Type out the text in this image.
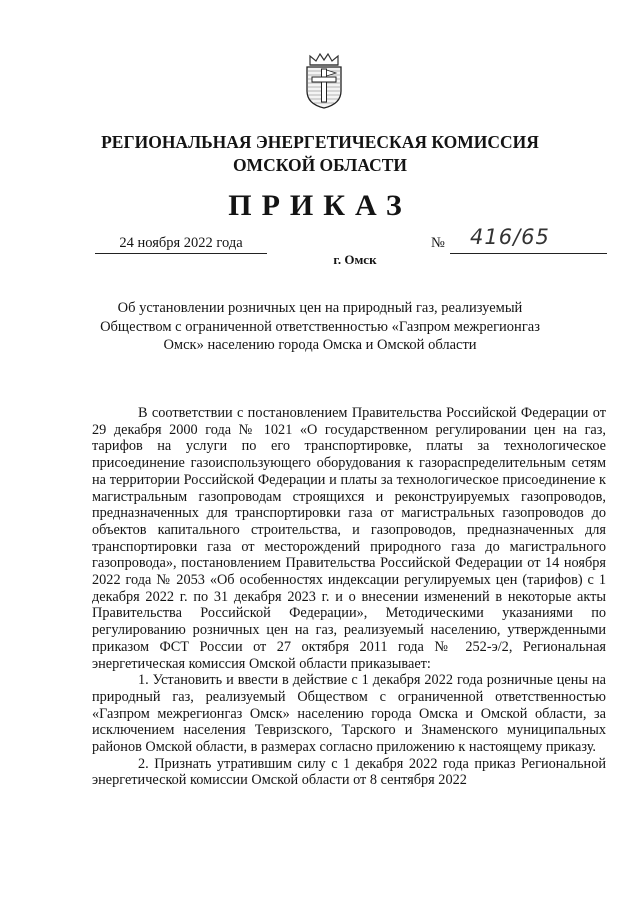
РЕГИОНАЛЬНАЯ ЭНЕРГЕТИЧЕСКАЯ КОМИССИЯ
ОМСКОЙ ОБЛАСТИ
ПРИКАЗ
24 ноября 2022 года	№ 416/65
г. Омск

Об установлении розничных цен на природный газ, реализуемый Обществом с ограниченной ответственностью «Газпром межрегионгаз Омск» населению города Омска и Омской области

В соответствии с постановлением Правительства Российской Федерации от 29 декабря 2000 года № 1021 «О государственном регулировании цен на газ, тарифов на услуги по его транспортировке, платы за технологическое присоединение газоиспользующего оборудования к газораспределительным сетям на территории Российской Федерации и платы за технологическое присоединение к магистральным газопроводам строящихся и реконструируемых газопроводов, предназначенных для транспортировки газа от магистральных газопроводов до объектов капитального строительства, и газопроводов, предназначенных для транспортировки газа от месторождений природного газа до магистрального газопровода», постановлением Правительства Российской Федерации от 14 ноября 2022 года № 2053 «Об особенностях индексации регулируемых цен (тарифов) с 1 декабря 2022 г. по 31 декабря 2023 г. и о внесении изменений в некоторые акты Правительства Российской Федерации», Методическими указаниями по регулированию розничных цен на газ, реализуемый населению, утвержденными приказом ФСТ России от 27 октября 2011 года № 252-э/2, Региональная энергетическая комиссия Омской области приказывает:

1. Установить и ввести в действие с 1 декабря 2022 года розничные цены на природный газ, реализуемый Обществом с ограниченной ответственностью «Газпром межрегионгаз Омск» населению города Омска и Омской области, за исключением населения Тевризского, Тарского и Знаменского муниципальных районов Омской области, в размерах согласно приложению к настоящему приказу.

2. Признать утратившим силу с 1 декабря 2022 года приказ Региональной энергетической комиссии Омской области от 8 сентября 2022
